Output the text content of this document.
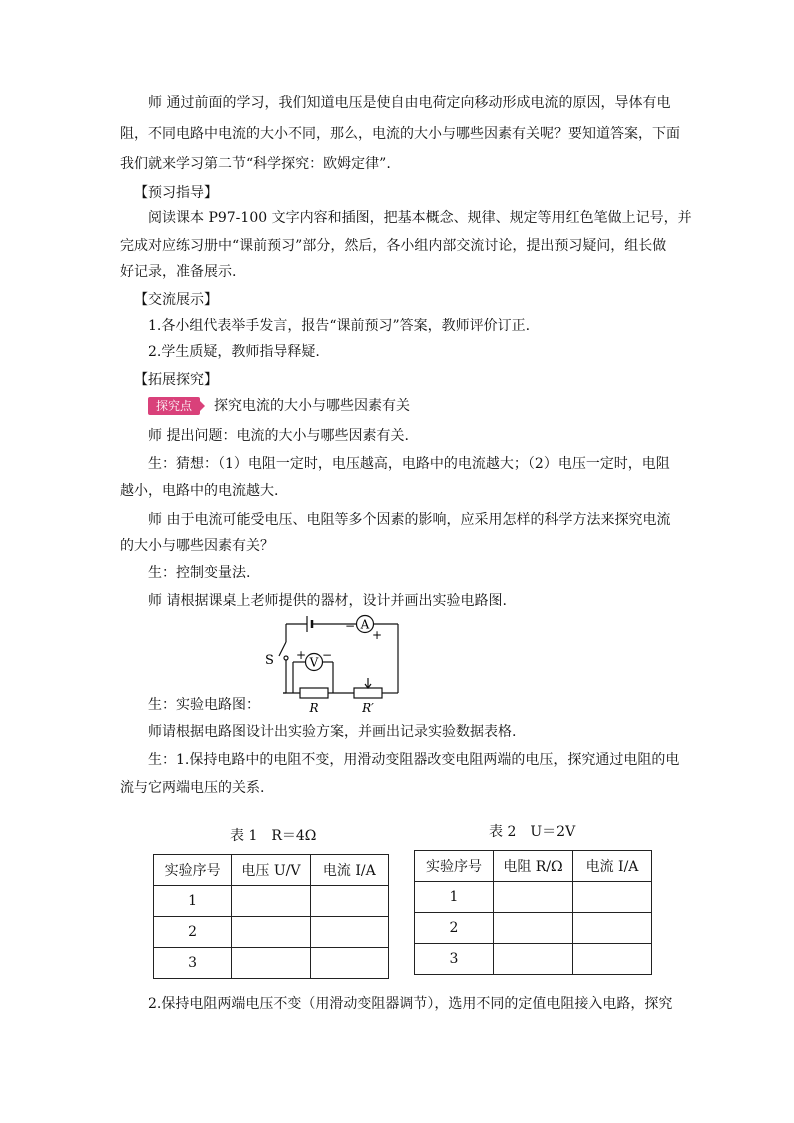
师 通过前面的学习，我们知道电压是使自由电荷定向移动形成电流的原因，导体有电
阻，不同电路中电流的大小不同，那么，电流的大小与哪些因素有关呢？要知道答案，下面
我们就来学习第二节“科学探究：欧姆定律”.
【预习指导】
阅读课本 P97-100 文字内容和插图，把基本概念、规律、规定等用红色笔做上记号，并
完成对应练习册中“课前预习”部分，然后，各小组内部交流讨论，提出预习疑问，组长做
好记录，准备展示.
【交流展示】
1.各小组代表举手发言，报告“课前预习”答案，教师评价订正.
2.学生质疑，教师指导释疑.
【拓展探究】
探究点	探究电流的大小与哪些因素有关
师 提出问题：电流的大小与哪些因素有关.
生：猜想：（1）电阻一定时，电压越高，电路中的电流越大；（2）电压一定时，电阻
越小，电路中的电流越大.
师 由于电流可能受电压、电阻等多个因素的影响，应采用怎样的科学方法来探究电流
的大小与哪些因素有关？
生：控制变量法.
师 请根据课桌上老师提供的器材，设计并画出实验电路图.
A
V
−
+
+ −
S
R	R′
生：实验电路图：
师请根据电路图设计出实验方案，并画出记录实验数据表格.
生：1.保持电路中的电阻不变，用滑动变阻器改变电阻两端的电压，探究通过电阻的电
流与它两端电压的关系.
表 1　R＝4Ω
实验序号	电压 U/V	电流 I/A
1		
2		
3		
表 2　U＝2V
实验序号	电阻 R/Ω	电流 I/A
1		
2		
3		
2.保持电阻两端电压不变（用滑动变阻器调节），选用不同的定值电阻接入电路，探究
